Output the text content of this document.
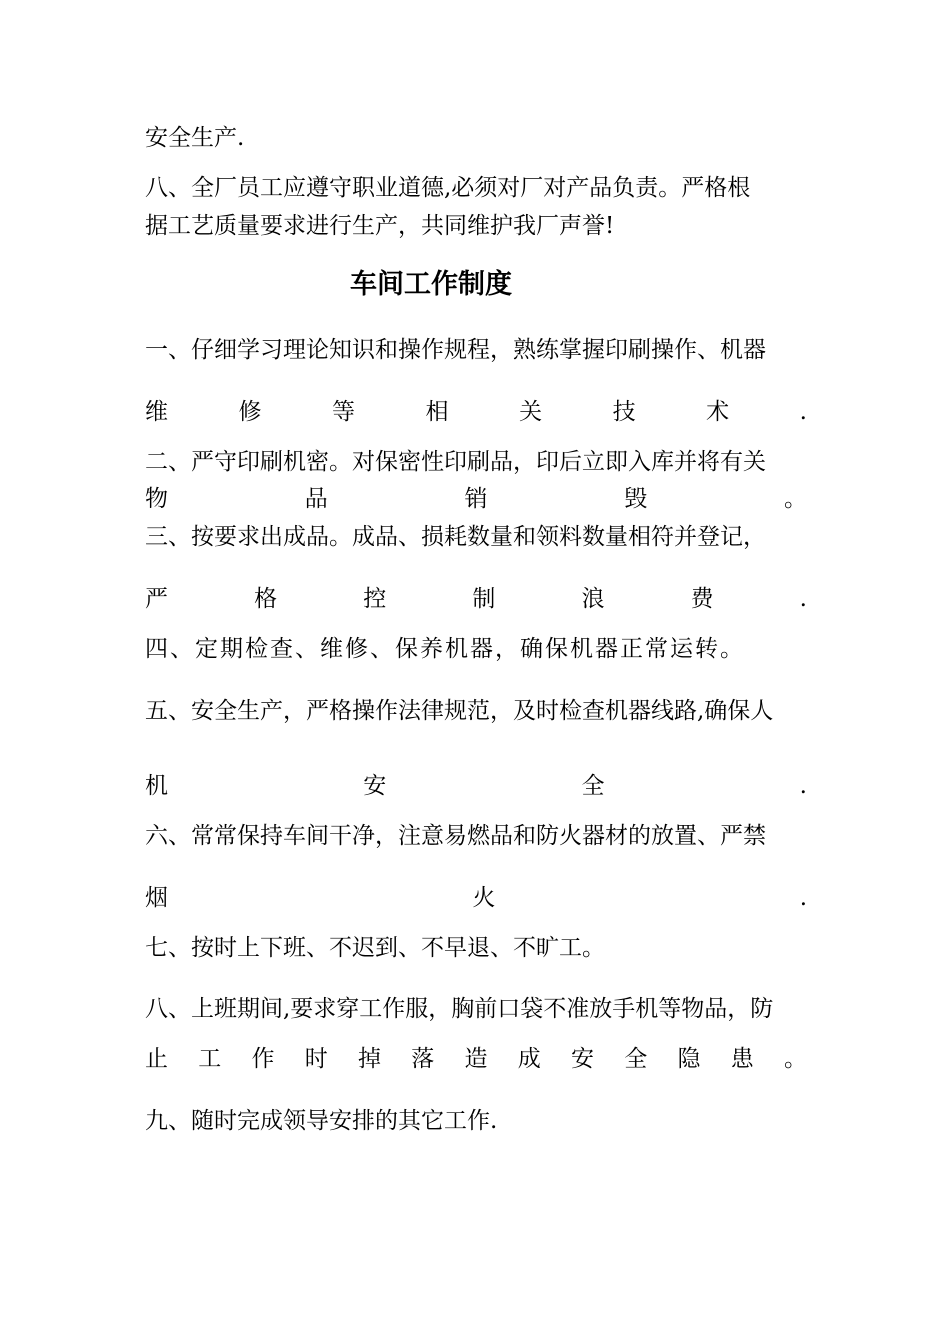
安全生产.
八、全厂员工应遵守职业道德,必须对厂对产品负责。严格根
据工艺质量要求进行生产，共同维护我厂声誉!
车间工作制度
一、仔细学习理论知识和操作规程，熟练掌握印刷操作、机器
维	修	等	相	关	技	术	.
二、严守印刷机密。对保密性印刷品，印后立即入库并将有关
物	品	销	毁	。
三、按要求出成品。成品、损耗数量和领料数量相符并登记，
严	格	控	制	浪	费	.
四、定期检查、维修、保养机器，确保机器正常运转。
五、安全生产，严格操作法律规范，及时检查机器线路,确保人
机	安	全	.
六、常常保持车间干净，注意易燃品和防火器材的放置、严禁
烟	火	.
七、按时上下班、不迟到、不早退、不旷工。
八、上班期间,要求穿工作服，胸前口袋不准放手机等物品，防
止 工 作 时 掉 落 造 成 安 全 隐 患 。
九、随时完成领导安排的其它工作.
